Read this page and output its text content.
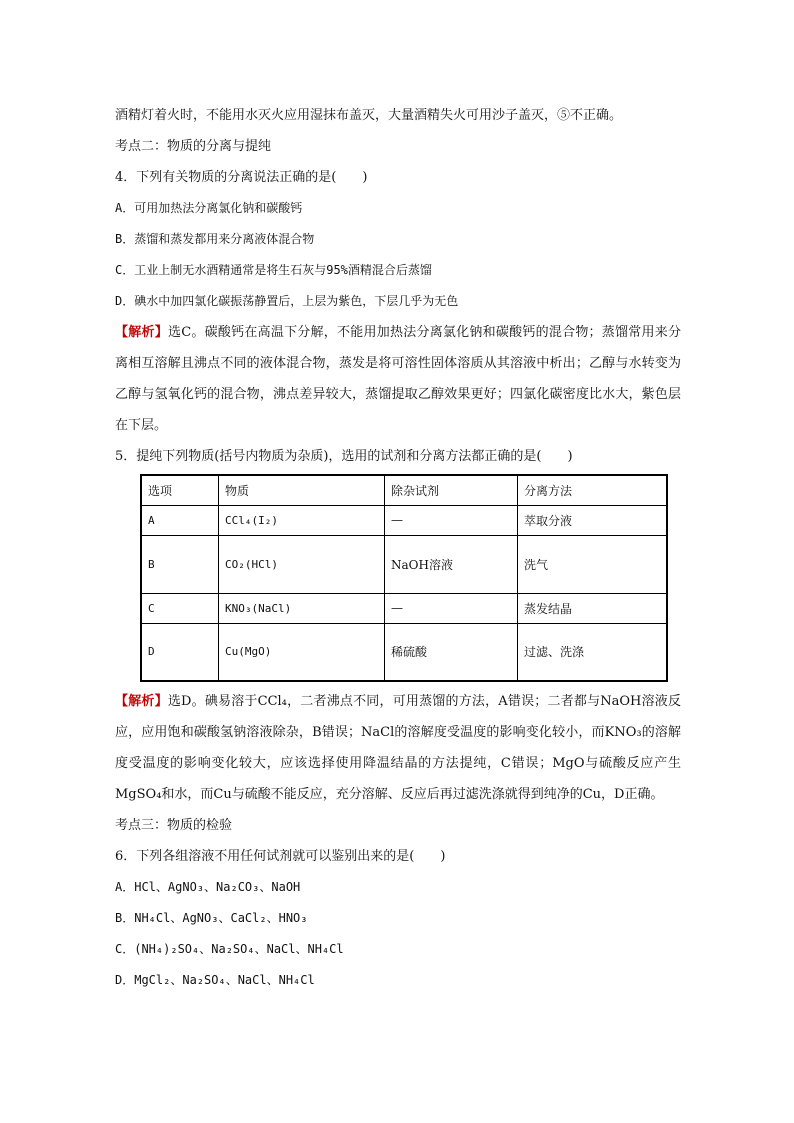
酒精灯着火时，不能用水灭火应用湿抹布盖灭，大量酒精失火可用沙子盖灭，⑤不正确。
考点二：物质的分离与提纯
4．下列有关物质的分离说法正确的是(　　)
A．可用加热法分离氯化钠和碳酸钙
B．蒸馏和蒸发都用来分离液体混合物
C．工业上制无水酒精通常是将生石灰与95%酒精混合后蒸馏
D．碘水中加四氯化碳振荡静置后，上层为紫色，下层几乎为无色
【解析】选C。碳酸钙在高温下分解，不能用加热法分离氯化钠和碳酸钙的混合物；蒸馏常用来分离相互溶解且沸点不同的液体混合物，蒸发是将可溶性固体溶质从其溶液中析出；乙醇与水转变为乙醇与氢氧化钙的混合物，沸点差异较大，蒸馏提取乙醇效果更好；四氯化碳密度比水大，紫色层在下层。
5．提纯下列物质(括号内物质为杂质)，选用的试剂和分离方法都正确的是(　　)
选项	物质	除杂试剂	分离方法
A	CCl₄(I₂)	—	萃取分液
B	CO₂(HCl)	NaOH溶液	洗气
C	KNO₃(NaCl)	—	蒸发结晶
D	Cu(MgO)	稀硫酸	过滤、洗涤
【解析】选D。碘易溶于CCl₄，二者沸点不同，可用蒸馏的方法，A错误；二者都与NaOH溶液反应，应用饱和碳酸氢钠溶液除杂，B错误；NaCl的溶解度受温度的影响变化较小，而KNO₃的溶解度受温度的影响变化较大，应该选择使用降温结晶的方法提纯，C错误；MgO与硫酸反应产生MgSO₄和水，而Cu与硫酸不能反应，充分溶解、反应后再过滤洗涤就得到纯净的Cu，D正确。
考点三：物质的检验
6．下列各组溶液不用任何试剂就可以鉴别出来的是(　　)
A．HCl、AgNO₃、Na₂CO₃、NaOH
B．NH₄Cl、AgNO₃、CaCl₂、HNO₃
C．(NH₄)₂SO₄、Na₂SO₄、NaCl、NH₄Cl
D．MgCl₂、Na₂SO₄、NaCl、NH₄Cl
